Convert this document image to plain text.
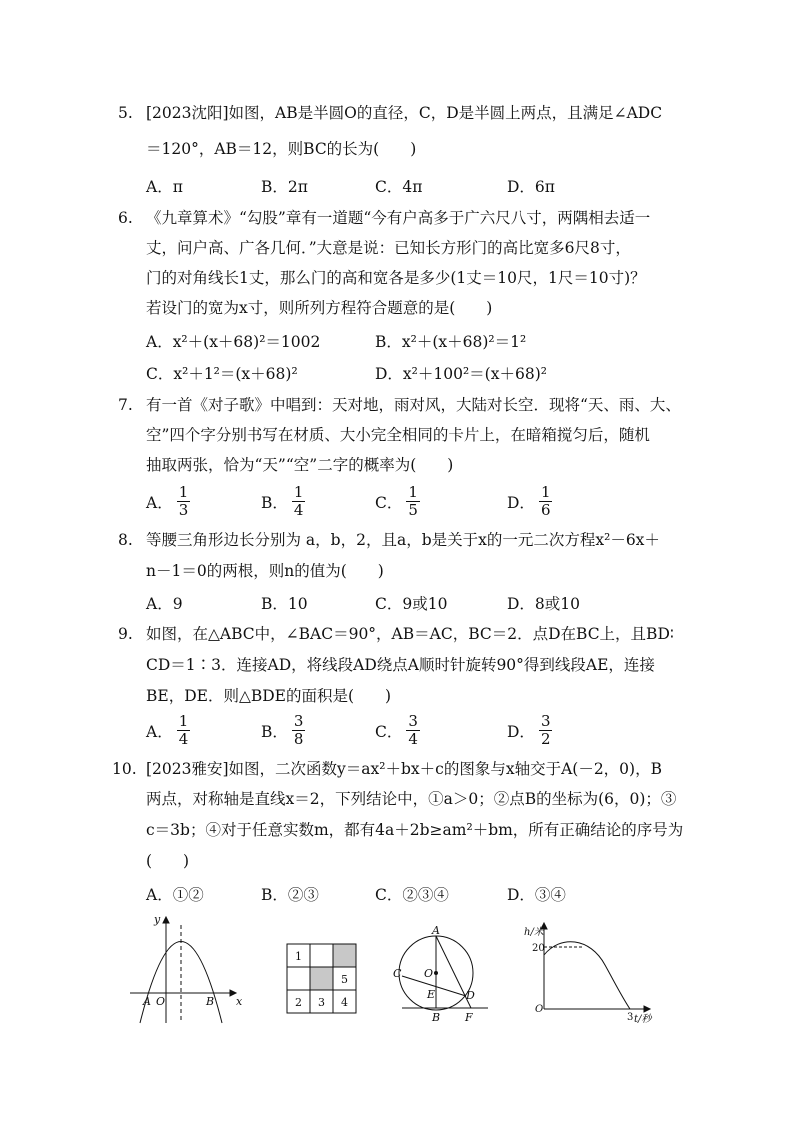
5. [2023沈阳]如图，AB是半圆O的直径，C，D是半圆上两点，且满足∠ADC
＝120°，AB＝12，则BC的长为(　　)
A．π	B．2π	C．4π	D．6π
6. 《九章算术》“勾股”章有一道题“今有户高多于广六尺八寸，两隅相去适一
丈，问户高、广各几何．”大意是说：已知长方形门的高比宽多6尺8寸，
门的对角线长1丈，那么门的高和宽各是多少(1丈＝10尺，1尺＝10寸)？
若设门的宽为x寸，则所列方程符合题意的是(　　)
A．x²＋(x＋68)²＝1002	B．x²＋(x＋68)²＝1²
C．x²＋1²＝(x＋68)²	D．x²＋100²＝(x＋68)²
7. 有一首《对子歌》中唱到：天对地，雨对风，大陆对长空．现将“天、雨、大、
空”四个字分别书写在材质、大小完全相同的卡片上，在暗箱搅匀后，随机
抽取两张，恰为“天”“空”二字的概率为(　　)
A． $\frac{1}{3}$	B． $\frac{1}{4}$	C． $\frac{1}{5}$	D． $\frac{1}{6}$
8. 等腰三角形边长分别为 a，b，2，且a，b是关于x的一元二次方程x²－6x＋
n－1＝0的两根，则n的值为(　　)
A．9	B．10	C．9或10	D．8或10
9. 如图，在△ABC中，∠BAC＝90°，AB＝AC，BC＝2．点D在BC上，且BD∶
CD＝1∶3．连接AD，将线段AD绕点A顺时针旋转90°得到线段AE，连接
BE，DE．则△BDE的面积是(　　)
A． $\frac{1}{4}$	B． $\frac{3}{8}$	C． $\frac{3}{4}$	D． $\frac{3}{2}$
10. [2023雅安]如图，二次函数y＝ax²＋bx＋c的图象与x轴交于A(－2，0)，B
两点，对称轴是直线x＝2，下列结论中，①a＞0；②点B的坐标为(6，0)；③
c＝3b；④对于任意实数m，都有4a＋2b≥am²＋bm，所有正确结论的序号为
(　　)
A．①②	B．②③	C．②③④	D．③④
y
x
A O	B
1
5
2 3 4
A
C O
E	D
B F
h/米
20
O
3 t/秒
